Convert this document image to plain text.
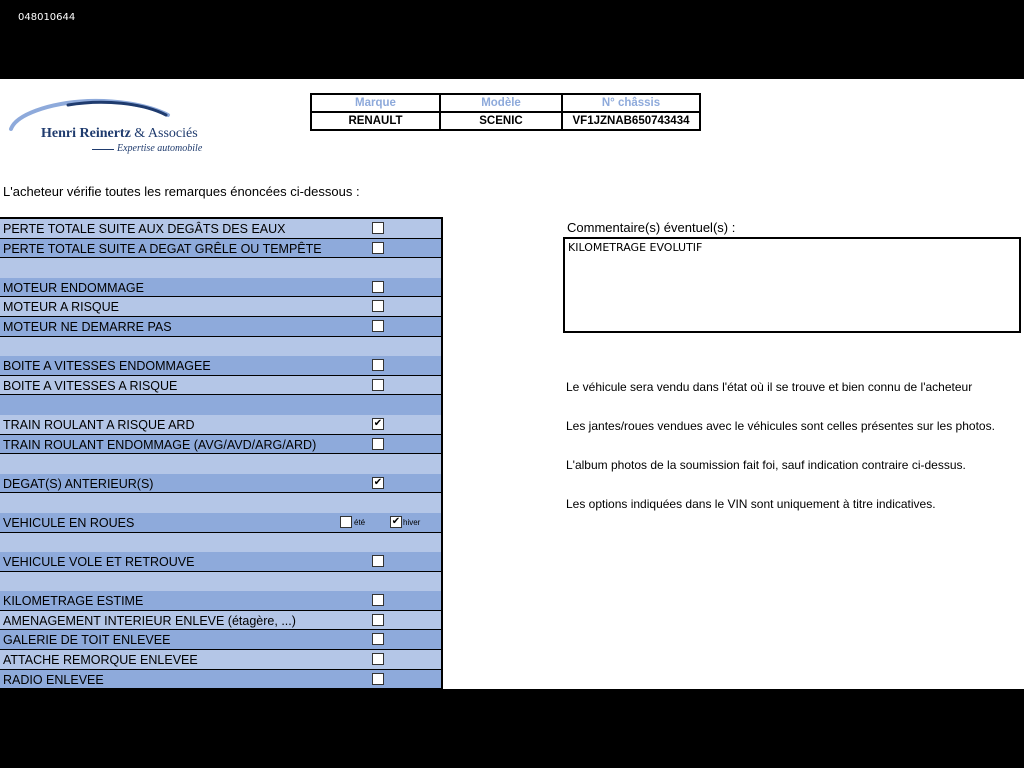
048010644
Henri Reinertz & Associés
Expertise automobile
Marque	Modèle	N° châssis
RENAULT	SCENIC	VF1JZNAB650743434
L'acheteur vérifie toutes les remarques énoncées ci-dessous :
PERTE TOTALE SUITE AUX DEGÂTS DES EAUX
PERTE TOTALE SUITE A DEGAT GRÊLE OU TEMPÊTE
MOTEUR ENDOMMAGE
MOTEUR A RISQUE
MOTEUR NE DEMARRE PAS
BOITE A VITESSES ENDOMMAGEE
BOITE A VITESSES A RISQUE
TRAIN ROULANT A RISQUE ARD	✔
TRAIN ROULANT ENDOMMAGE (AVG/AVD/ARG/ARD)
DEGAT(S) ANTERIEUR(S)	✔
VEHICULE EN ROUES	été	✔ hiver
VEHICULE VOLE ET RETROUVE
KILOMETRAGE ESTIME
AMENAGEMENT INTERIEUR ENLEVE (étagère, ...)
GALERIE DE TOIT ENLEVEE
ATTACHE REMORQUE ENLEVEE
RADIO ENLEVEE
Commentaire(s) éventuel(s) :
KILOMETRAGE EVOLUTIF
Le véhicule sera vendu dans l'état où il se trouve et bien connu de l'acheteur
Les jantes/roues vendues avec le véhicules sont celles présentes sur les photos.
L'album photos de la soumission fait foi, sauf indication contraire ci-dessus.
Les options indiquées dans le VIN sont uniquement à titre indicatives.
